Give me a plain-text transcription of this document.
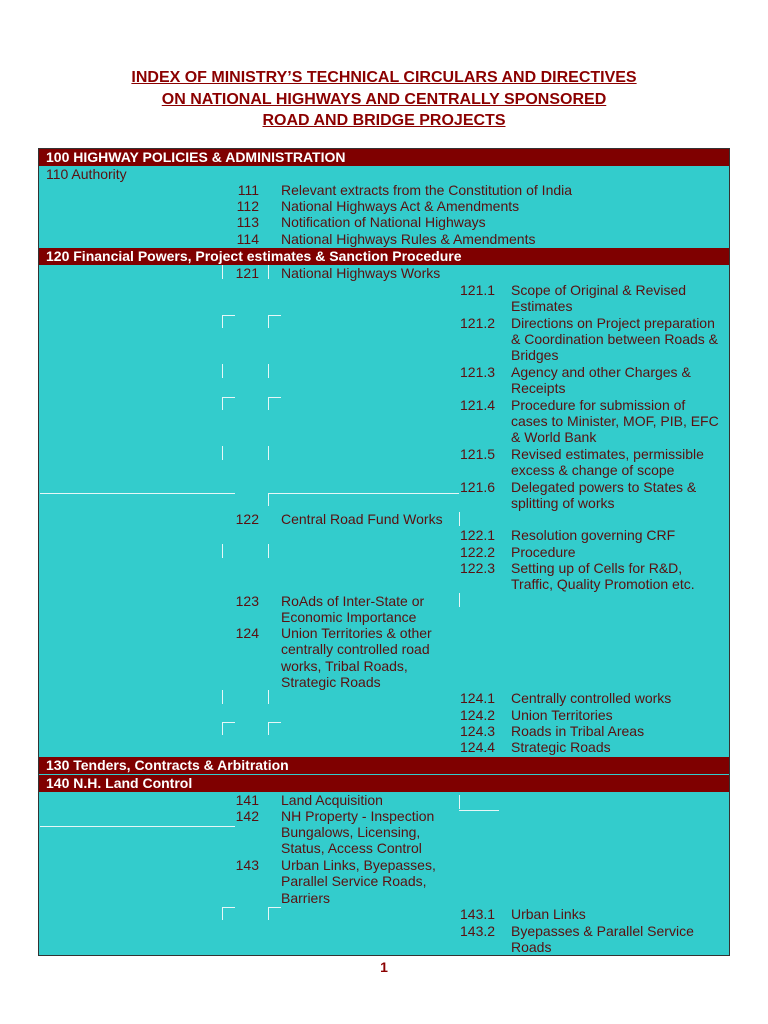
INDEX OF MINISTRY’S TECHNICAL CIRCULARS AND DIRECTIVES
ON NATIONAL HIGHWAYS AND CENTRALLY SPONSORED
ROAD AND BRIDGE PROJECTS
100 HIGHWAY POLICIES & ADMINISTRATION
120 Financial Powers, Project estimates & Sanction Procedure
130 Tenders, Contracts & Arbitration
140 N.H. Land Control
110 Authority
111 Relevant extracts from the Constitution of India
112 National Highways Act & Amendments
113 Notification of National Highways
114 National Highways Rules & Amendments
121 National Highways Works
121.1 Scope of Original & Revised
Estimates
121.2 Directions on Project preparation
& Coordination between Roads &
Bridges
121.3 Agency and other Charges &
Receipts
121.4 Procedure for submission of
cases to Minister, MOF, PIB, EFC
& World Bank
121.5 Revised estimates, permissible
excess & change of scope
121.6 Delegated powers to States &
splitting of works
122 Central Road Fund Works
122.1 Resolution governing CRF
122.2 Procedure
122.3 Setting up of Cells for R&D,
Traffic, Quality Promotion etc.
123 RoAds of Inter-State or
Economic Importance
124 Union Territories & other
centrally controlled road
works, Tribal Roads,
Strategic Roads
124.1 Centrally controlled works
124.2 Union Territories
124.3 Roads in Tribal Areas
124.4 Strategic Roads
141 Land Acquisition
142 NH Property - Inspection
Bungalows, Licensing,
Status, Access Control
143 Urban Links, Byepasses,
Parallel Service Roads,
Barriers
143.1 Urban Links
143.2 Byepasses & Parallel Service
Roads
1
